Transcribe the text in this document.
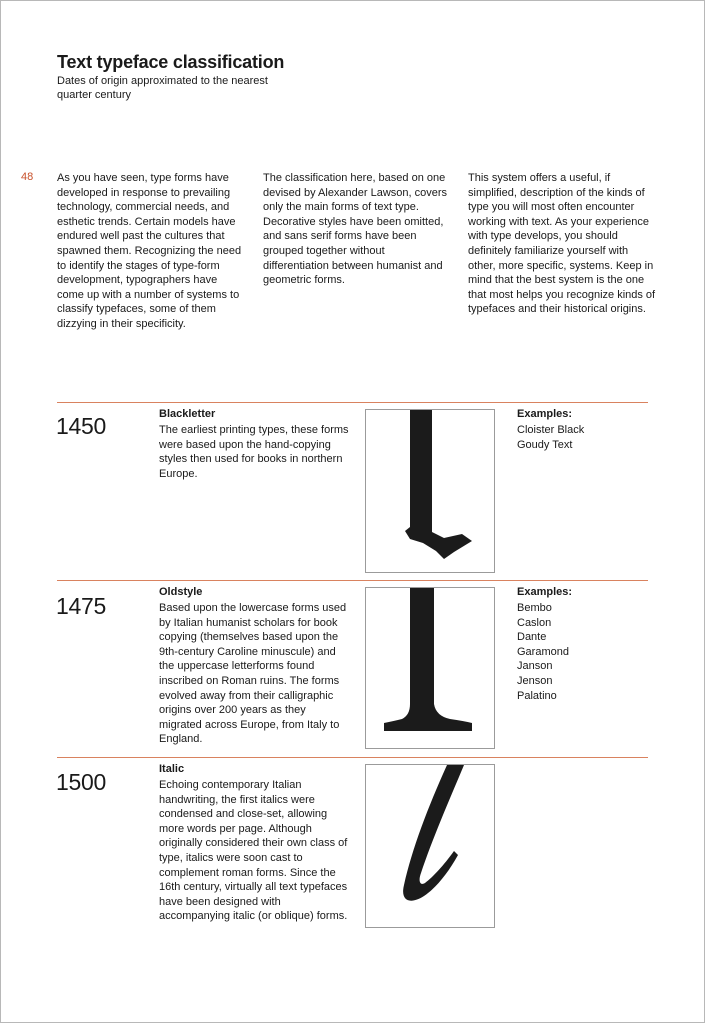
Text typeface classification
Dates of origin approximated to the nearest quarter century
48 As you have seen, type forms have developed in response to prevailing technology, commercial needs, and esthetic trends. Certain models have endured well past the cultures that spawned them. Recognizing the need to identify the stages of type-form development, typographers have come up with a number of systems to classify typefaces, some of them dizzying in their specificity.
The classification here, based on one devised by Alexander Lawson, covers only the main forms of text type. Decorative styles have been omitted, and sans serif forms have been grouped together without differentiation between humanist and geometric forms.
This system offers a useful, if simplified, description of the kinds of type you will most often encounter working with text. As your experience with type develops, you should definitely familiarize yourself with other, more specific, systems. Keep in mind that the best system is the one that most helps you recognize kinds of typefaces and their historical origins.
1450	Blackletter
The earliest printing types, these forms were based upon the hand-copying styles then used for books in northern Europe.
Examples:
Cloister Black
Goudy Text
1475
Oldstyle
Based upon the lowercase forms used by Italian humanist scholars for book copying (themselves based upon the 9th-century Caroline minuscule) and the uppercase letterforms found inscribed on Roman ruins. The forms evolved away from their calligraphic origins over 200 years as they migrated across Europe, from Italy to England.
Examples:
Bembo
Caslon
Dante
Garamond
Janson
Jenson
Palatino
1500	Italic
Echoing contemporary Italian handwriting, the first italics were condensed and close-set, allowing more words per page. Although originally considered their own class of type, italics were soon cast to complement roman forms. Since the 16th century, virtually all text typefaces have been designed with accompanying italic (or oblique) forms.
